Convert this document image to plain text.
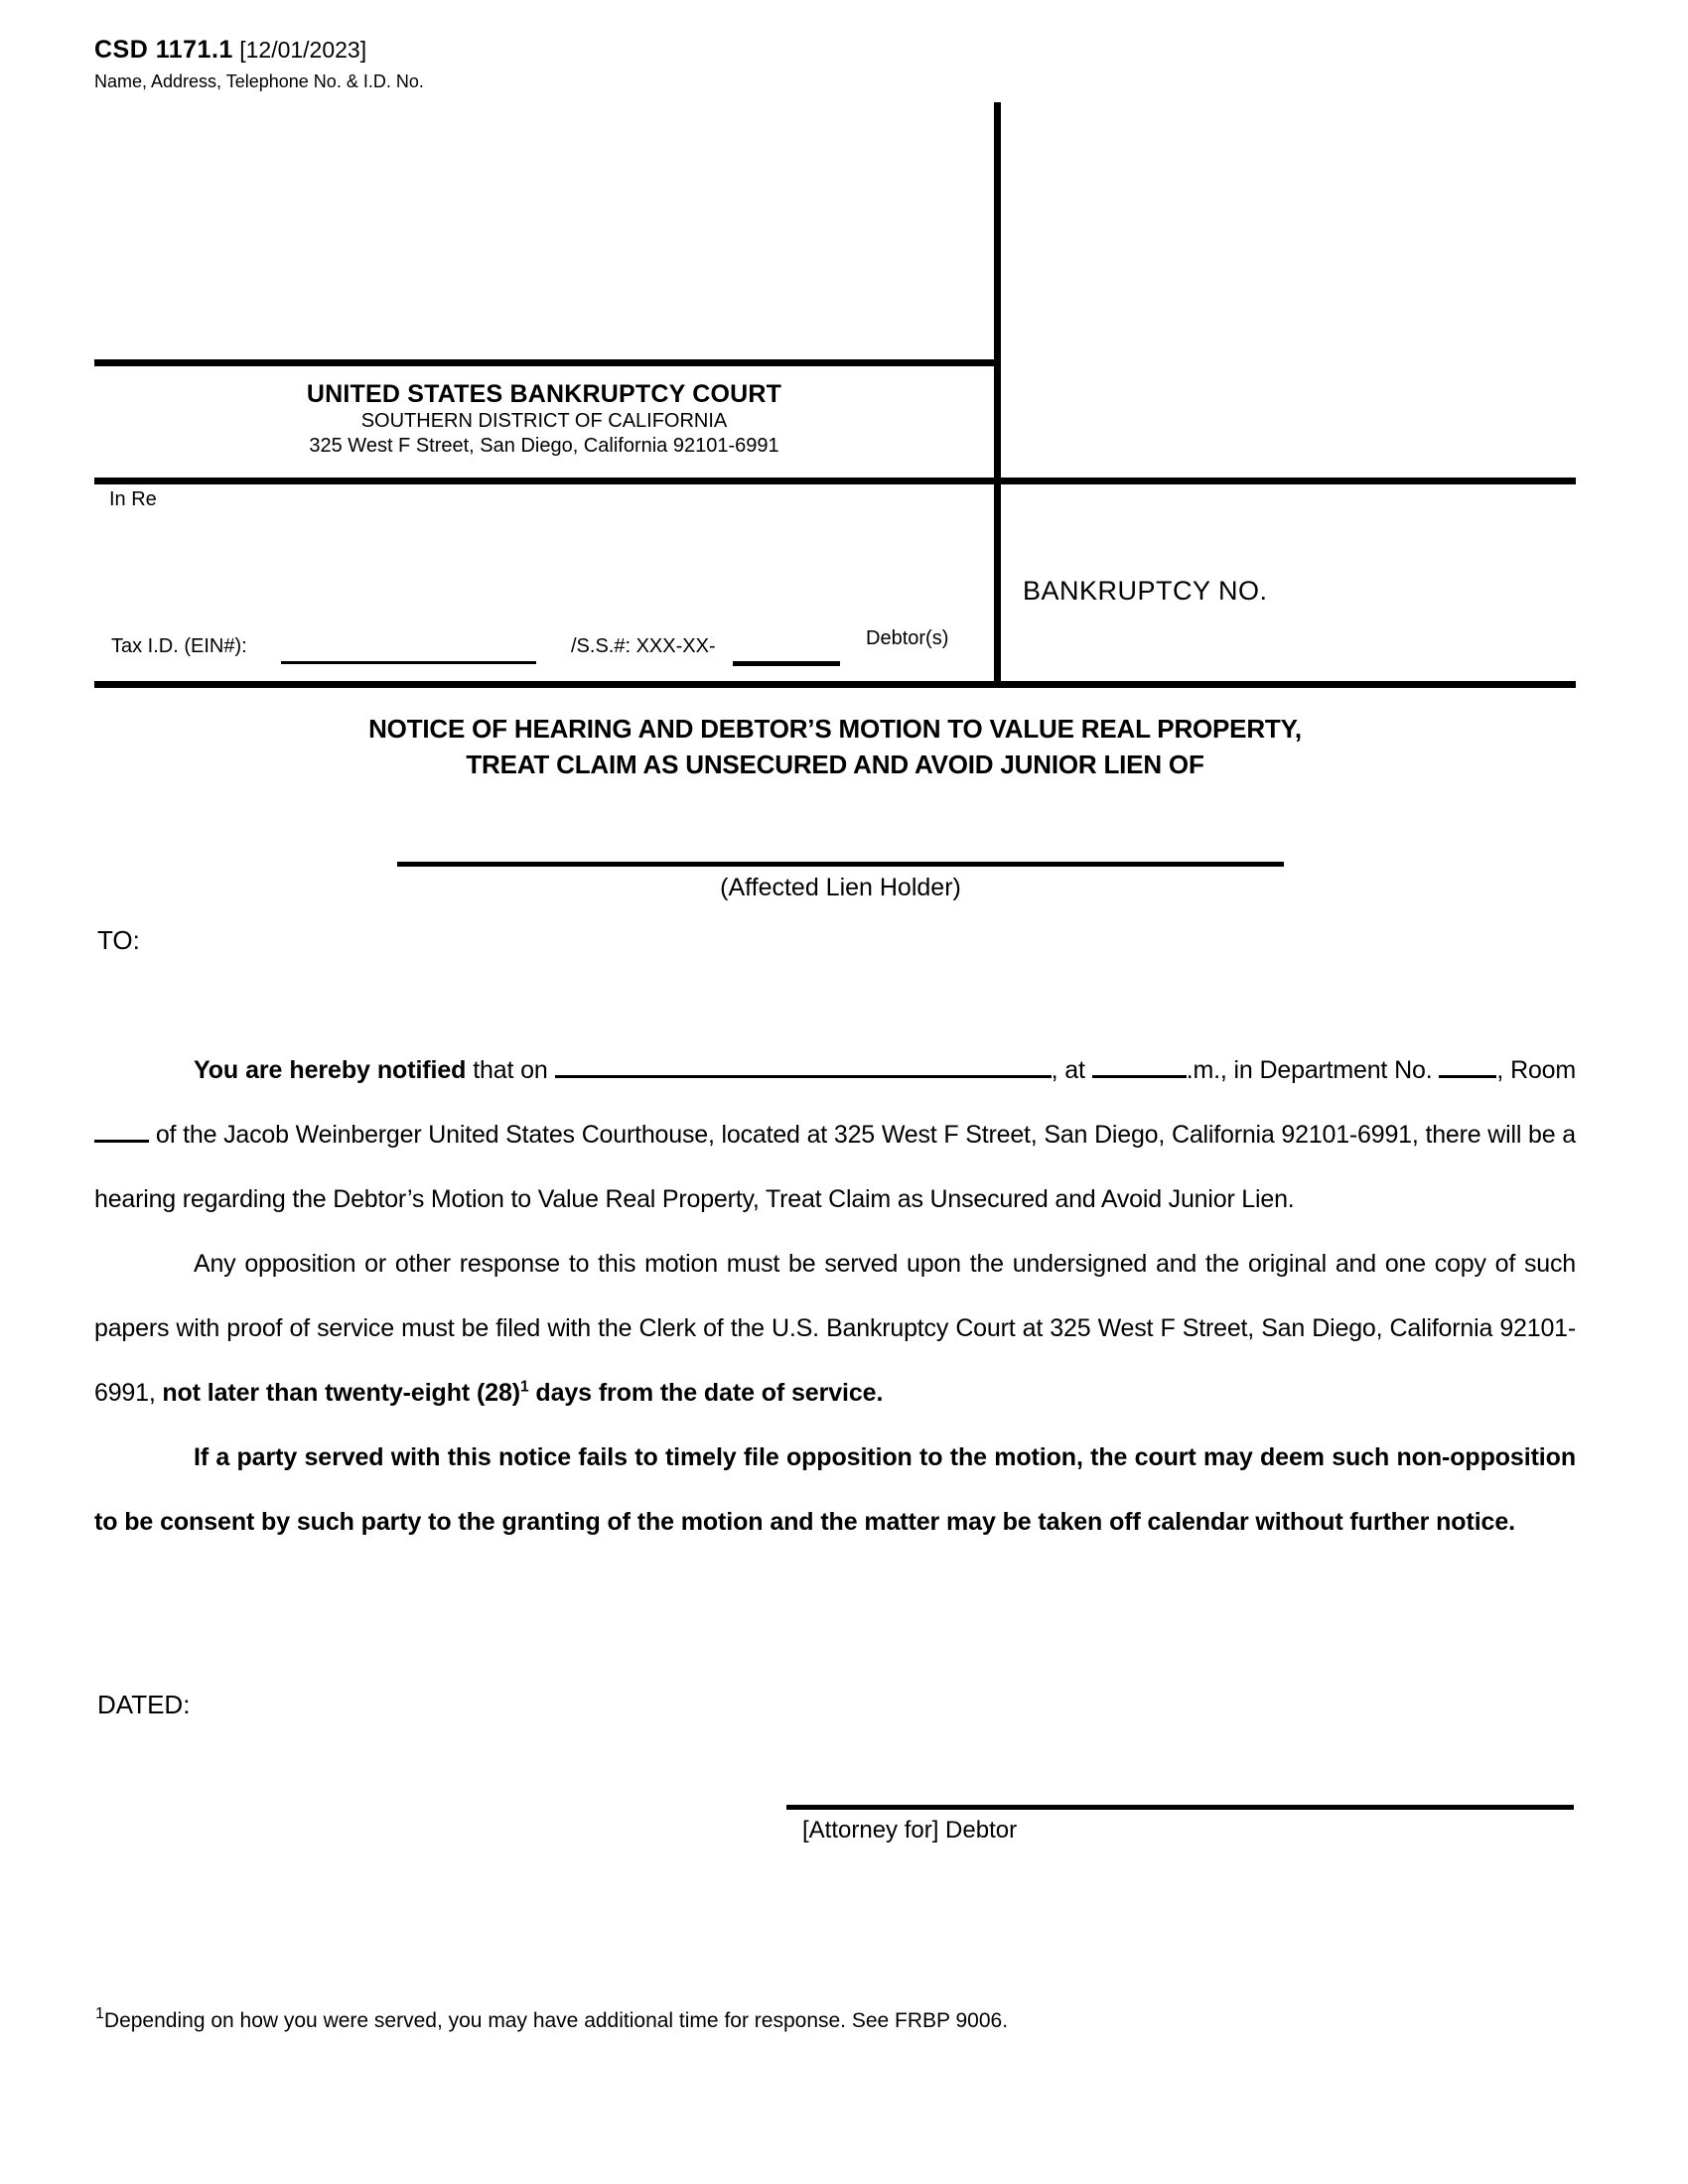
CSD 1171.1 [12/01/2023]
Name, Address, Telephone No. & I.D. No.
UNITED STATES BANKRUPTCY COURT
SOUTHERN DISTRICT OF CALIFORNIA
325 West F Street, San Diego, California 92101-6991
In Re
BANKRUPTCY NO.
Tax I.D. (EIN#):	/S.S.#: XXX-XX-	Debtor(s)
NOTICE OF HEARING AND DEBTOR’S MOTION TO VALUE REAL PROPERTY,
TREAT CLAIM AS UNSECURED AND AVOID JUNIOR LIEN OF
(Affected Lien Holder)
TO:

You are hereby notified that on	, at	.m., in Department No. , Room  of the Jacob Weinberger United States Courthouse, located at 325 West F Street, San Diego, California 92101-6991, there will be a hearing regarding the Debtor’s Motion to Value Real Property, Treat Claim as Unsecured and Avoid Junior Lien.

Any opposition or other response to this motion must be served upon the undersigned and the original and one copy of such papers with proof of service must be filed with the Clerk of the U.S. Bankruptcy Court at 325 West F Street, San Diego, California 92101-6991, not later than twenty-eight $(28)^1$ days from the date of service.

If a party served with this notice fails to timely file opposition to the motion, the court may deem such non-opposition to be consent by such party to the granting of the motion and the matter may be taken off calendar without further notice.

DATED:
[Attorney for] Debtor
$^1$Depending on how you were served, you may have additional time for response. See FRBP 9006.
